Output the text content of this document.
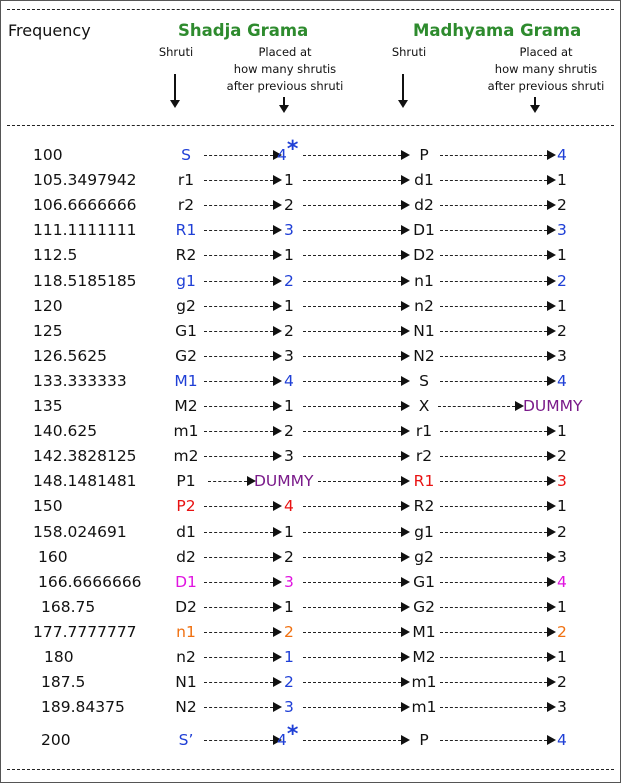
Frequency	Shadja Grama	Madhyama Grama
Shruti	Placed at
how many shrutis
after previous shruti
Shruti	Placed at
how many shrutis
after previous shruti
100	S	4*	P	4
105.3497942	r1	1	d1	1
106.6666666	r2	2	d2	2
111.1111111	R1	3	D1	3
112.5	R2	1	D2	1
118.5185185	g1	2	n1	2
120	g2	1	n2	1
125	G1	2	N1	2
126.5625	G2	3	N2	3
133.333333	M1	4	S	4
135	M2	1	X	DUMMY
140.625	m1	2	r1	1
142.3828125	m2	3	r2	2
148.1481481	P1	DUMMY	R1	3
150	P2	4	R2	1
158.024691	d1	1	g1	2
160	d2	2	g2	3
166.6666666	D1	3	G1	4
168.75	D2	1	G2	1
177.7777777	n1	2	M1	2
180	n2	1	M2	1
187.5	N1	2	m1	2
189.84375	N2	3	m1	3
200	S’	4*	P	4
